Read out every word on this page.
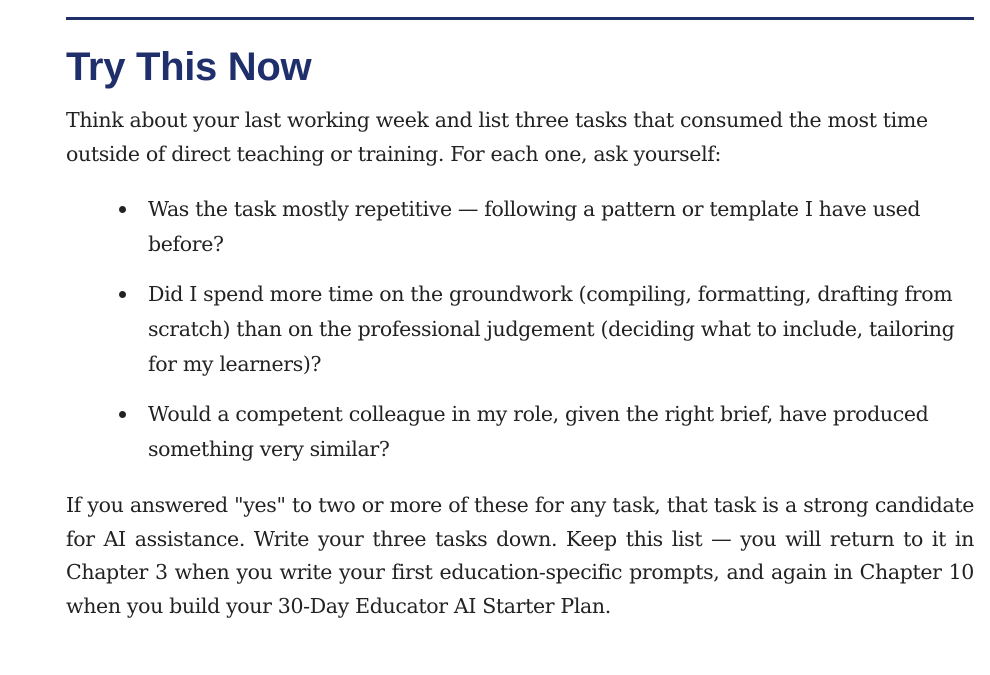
Try This Now

Think about your last working week and list three tasks that consumed the most time outside of direct teaching or training. For each one, ask yourself:

Was the task mostly repetitive — following a pattern or template I have used before?
Did I spend more time on the groundwork (compiling, formatting, drafting from scratch) than on the professional judgement (deciding what to include, tailoring for my learners)?
Would a competent colleague in my role, given the right brief, have produced something very similar?

If you answered "yes" to two or more of these for any task, that task is a strong candidate for AI assistance. Write your three tasks down. Keep this list — you will return to it in Chapter 3 when you write your first education-specific prompts, and again in Chapter 10 when you build your 30-Day Educator AI Starter Plan.
